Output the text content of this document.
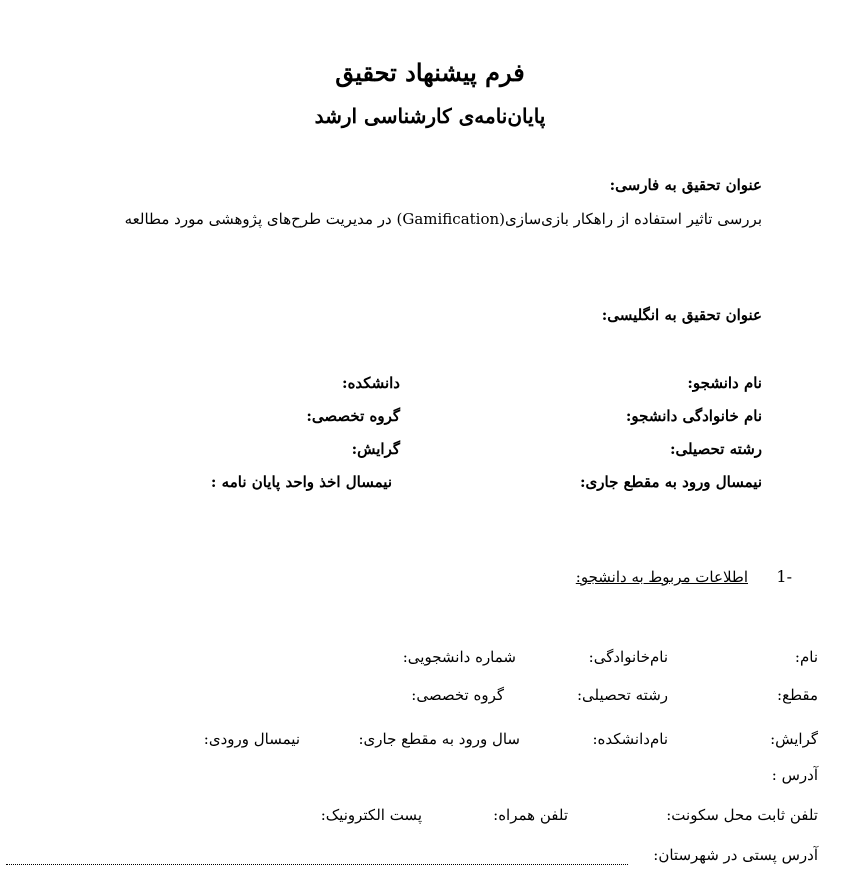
فرم پیشنهاد تحقیق
پایان‌نامه‌ی کارشناسی ارشد
عنوان تحقیق به فارسی:
بررسی تاثیر استفاده از راهکار بازی‌سازی(Gamification) در مدیریت طرح‌های پژوهشی مورد مطالعه
عنوان تحقیق به انگلیسی:
نام دانشجو:
نام خانوادگی دانشجو:
رشته تحصیلی:
نیمسال ورود به مقطع جاری:
دانشکده:
گروه تخصصی:
گرایش:
نیمسال اخذ واحد پایان نامه :
1-
اطلاعات مربوط به دانشجو:
نام:
نام‌خانوادگی:
شماره دانشجویی:
مقطع:
رشته تحصیلی:
گروه تخصصی:
گرایش:
نام‌دانشکده:
سال ورود به مقطع جاری:
نیمسال ورودی:
آدرس :
تلفن ثابت محل سکونت:
تلفن همراه:
پست الکترونیک:
آدرس پستی در شهرستان:
